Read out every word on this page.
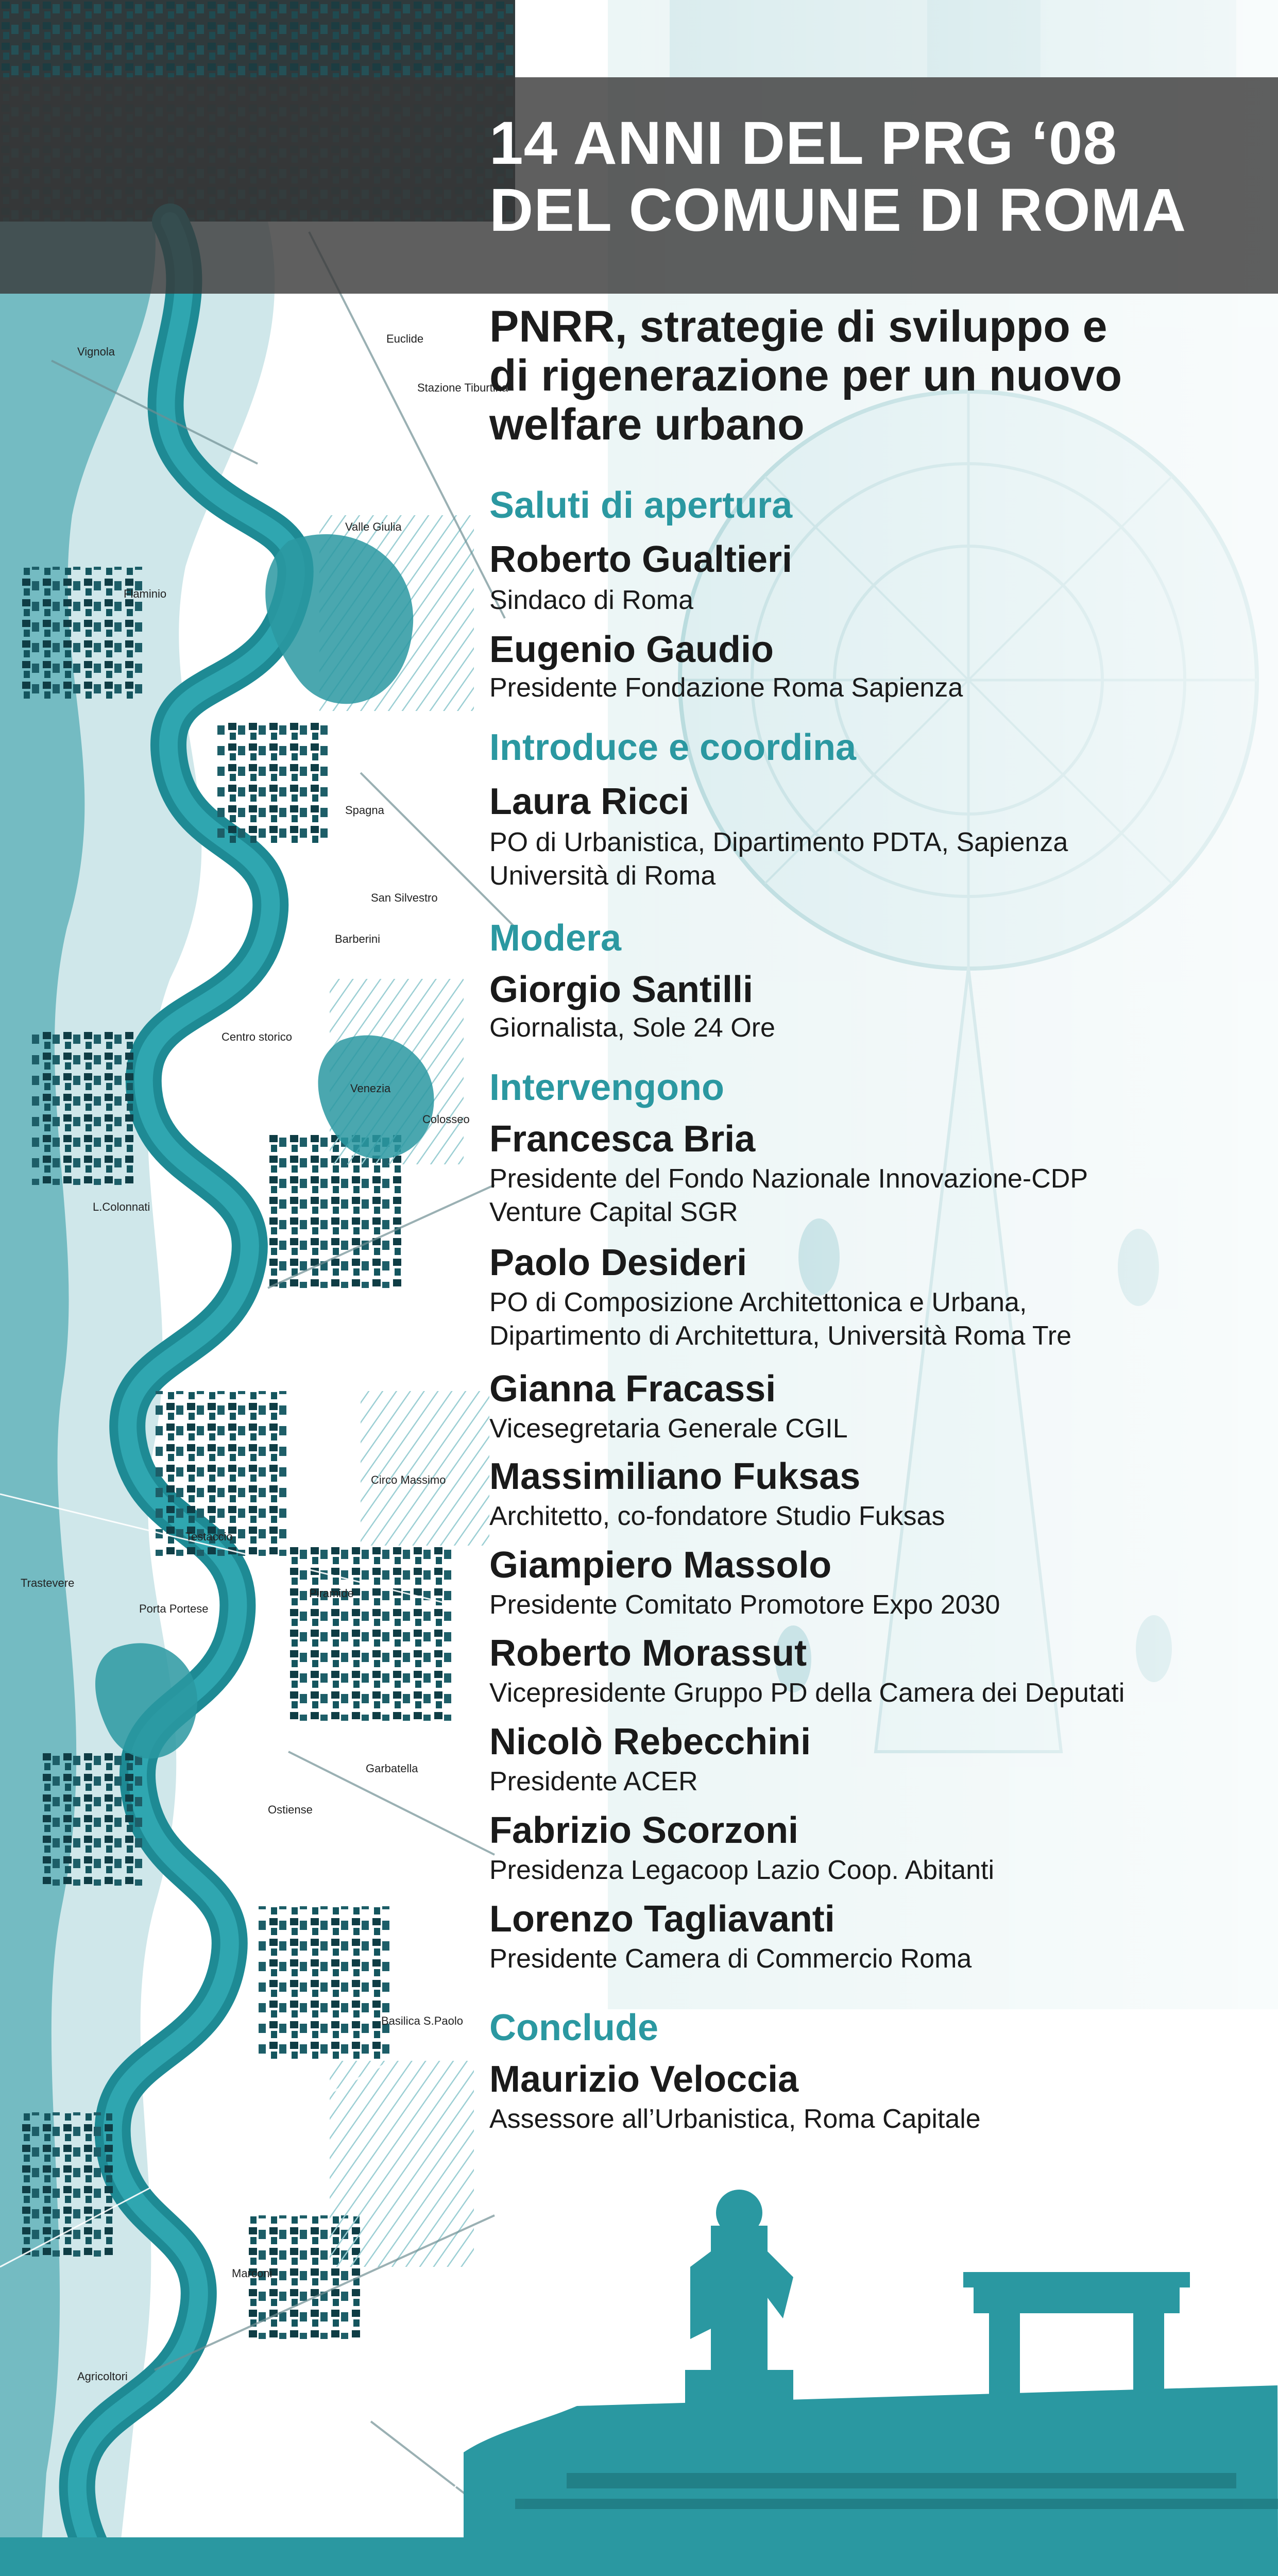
Euclide
Vignola
Stazione Tiburtina
Valle Giulia
Flaminio
Spagna
San Silvestro
Barberini
Centro storico
Venezia
Colosseo
Circo Massimo
L.Colonnati
Trastevere
Porta Portese
Testaccio
Piramide
Garbatella
Ostiense
Basilica S.Paolo
Marconi
Agricoltori
14 ANNI DEL PRG ‘08
DEL COMUNE DI ROMA
PNRR, strategie di sviluppo e
di rigenerazione per un nuovo
welfare urbano
Saluti di apertura
Roberto Gualtieri
Sindaco di Roma
Eugenio Gaudio
Presidente Fondazione Roma Sapienza
Introduce e coordina
Laura Ricci
PO di Urbanistica, Dipartimento PDTA, Sapienza
Università di Roma
Modera
Giorgio Santilli
Giornalista, Sole 24 Ore
Intervengono
Francesca Bria
Presidente del Fondo Nazionale Innovazione-CDP
Venture Capital SGR
Paolo Desideri
PO di Composizione Architettonica e Urbana,
Dipartimento di Architettura, Università Roma Tre
Gianna Fracassi
Vicesegretaria Generale CGIL
Massimiliano Fuksas
Architetto, co-fondatore Studio Fuksas
Giampiero Massolo
Presidente Comitato Promotore Expo 2030
Roberto Morassut
Vicepresidente Gruppo PD della Camera dei Deputati
Nicolò Rebecchini
Presidente ACER
Fabrizio Scorzoni
Presidenza Legacoop Lazio Coop. Abitanti
Lorenzo Tagliavanti
Presidente Camera di Commercio Roma
Conclude
Maurizio Veloccia
Assessore all’Urbanistica, Roma Capitale
